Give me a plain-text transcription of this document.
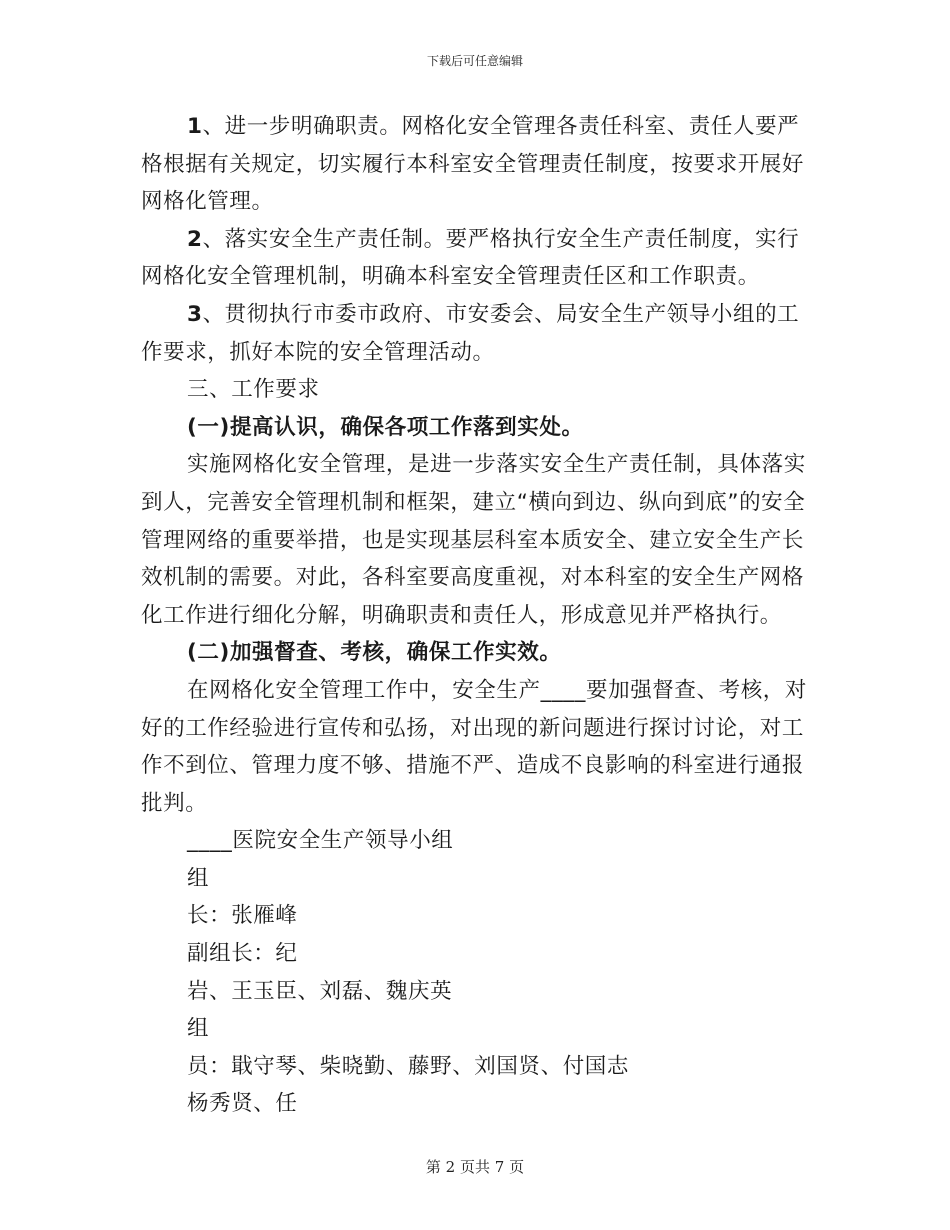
下载后可任意编辑

1、进一步明确职责。网格化安全管理各责任科室、责任人要严格根据有关规定，切实履行本科室安全管理责任制度，按要求开展好网格化管理。

2、落实安全生产责任制。要严格执行安全生产责任制度，实行网格化安全管理机制，明确本科室安全管理责任区和工作职责。

3、贯彻执行市委市政府、市安委会、局安全生产领导小组的工作要求，抓好本院的安全管理活动。

三、工作要求

(一)提高认识，确保各项工作落到实处。

实施网格化安全管理，是进一步落实安全生产责任制，具体落实到人，完善安全管理机制和框架，建立“横向到边、纵向到底”的安全管理网络的重要举措，也是实现基层科室本质安全、建立安全生产长效机制的需要。对此，各科室要高度重视，对本科室的安全生产网格化工作进行细化分解，明确职责和责任人，形成意见并严格执行。

(二)加强督查、考核，确保工作实效。

在网格化安全管理工作中，安全生产____要加强督查、考核，对好的工作经验进行宣传和弘扬，对出现的新问题进行探讨讨论，对工作不到位、管理力度不够、措施不严、造成不良影响的科室进行通报批判。

____医院安全生产领导小组

组

长：张雁峰

副组长：纪

岩、王玉臣、刘磊、魏庆英

组

员：戢守琴、柴晓勤、藤野、刘国贤、付国志

杨秀贤、任

第 2 页共 7 页
